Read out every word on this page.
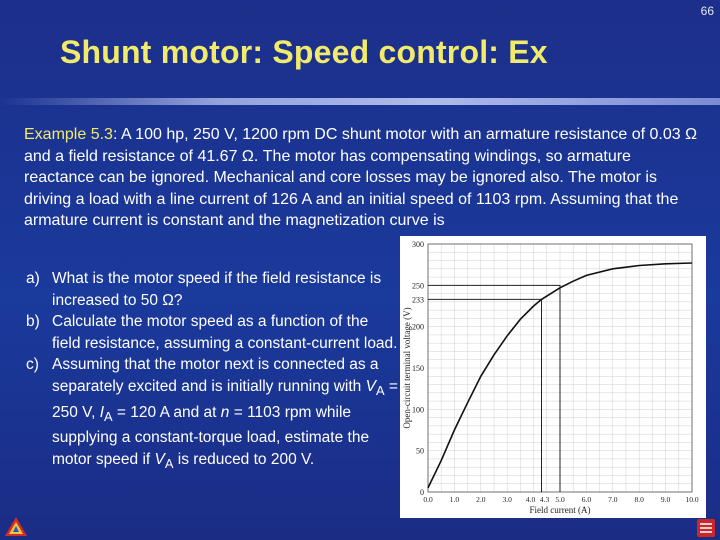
66
Shunt motor: Speed control: Ex
Example 5.3: A 100 hp, 250 V, 1200 rpm DC shunt motor with an armature resistance of 0.03 Ω and a field resistance of 41.67 Ω. The motor has compensating windings, so armature reactance can be ignored. Mechanical and core losses may be ignored also. The motor is driving a load with a line current of 126 A and an initial speed of 1103 rpm. Assuming that the armature current is constant and the magnetization curve is
a) What is the motor speed if the field resistance is increased to 50 Ω?
b) Calculate the motor speed as a function of the field resistance, assuming a constant-current load.
c) Assuming that the motor next is connected as a separately excited and is initially running with $V_A = 250$ V, $I_A = 120$ A and at n = 1103 rpm while supplying a constant-torque load, estimate the motor speed if $V_A$ is reduced to 200 V.
0
50
100
150
200
233
250
300
0.0 1.0 2.0 3.0 4.0 4.3 5.0 6.0 7.0 8.0 9.0 10.0
Open-circuit terminal voltage (V)
Field current (A)
